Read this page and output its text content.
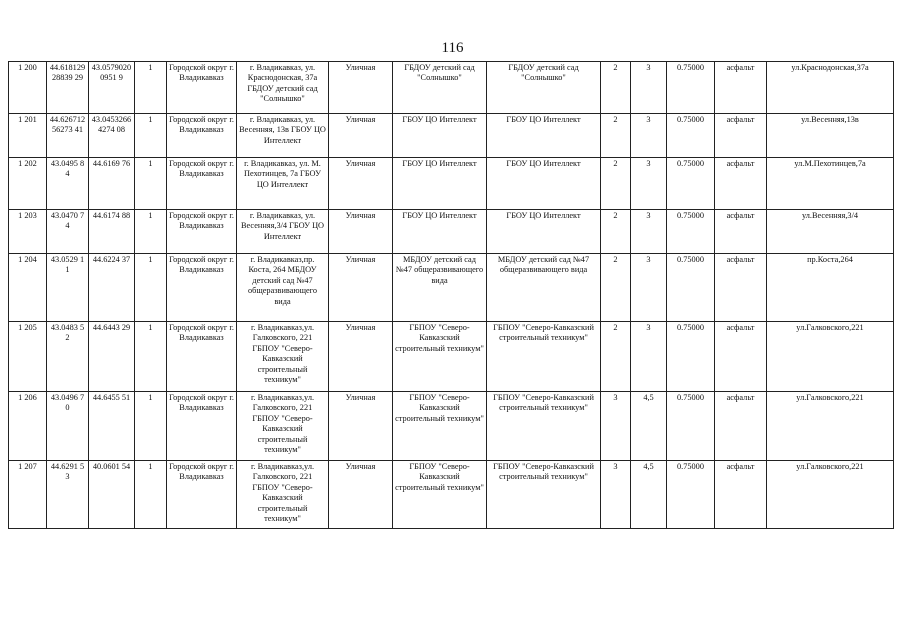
116
1 200	44.61812928839 29	43.05790200951 9	1	Городской округ г. Владикавказ	г. Владикавказ, ул. Краснодонская, 37а ГБДОУ детский сад "Солнышко"	Уличная	ГБДОУ детский сад "Солнышко"	ГБДОУ детский сад "Солнышко"	2	3	0.75000	асфальт	ул.Краснодонская,37а
1 201	44.62671256273 41	43.04532664274 08	1	Городской округ г. Владикавказ	г. Владикавказ, ул. Весенняя, 13в ГБОУ ЦО Интеллект	Уличная	ГБОУ ЦО Интеллект	ГБОУ ЦО Интеллект	2	3	0.75000	асфальт	ул.Весенняя,13в
1 202	43.0495 84	44.6169 76	1	Городской округ г. Владикавказ	г. Владикавказ, ул. М. Пехотинцев, 7а ГБОУ ЦО Интеллект	Уличная	ГБОУ ЦО Интеллект	ГБОУ ЦО Интеллект	2	3	0.75000	асфальт	ул.М.Пехотинцев,7а
1 203	43.0470 74	44.6174 88	1	Городской округ г. Владикавказ	г. Владикавказ, ул. Весенняя,3/4 ГБОУ ЦО Интеллект	Уличная	ГБОУ ЦО Интеллект	ГБОУ ЦО Интеллект	2	3	0.75000	асфальт	ул.Весенняя,3/4
1 204	43.0529 11	44.6224 37	1	Городской округ г. Владикавказ	г. Владикавказ,пр. Коста, 264 МБДОУ детский сад №47 общеразвивающего вида	Уличная	МБДОУ детский сад №47 общеразвивающего вида	МБДОУ детский сад №47 общеразвивающего вида	2	3	0.75000	асфальт	пр.Коста,264
1 205	43.0483 52	44.6443 29	1	Городской округ г. Владикавказ	г. Владикавказ,ул. Галковского, 221 ГБПОУ "Северо-Кавказский строительный техникум"	Уличная	ГБПОУ "Северо-Кавказский строительный техникум"	ГБПОУ "Северо-Кавказский строительный техникум"	2	3	0.75000	асфальт	ул.Галковского,221
1 206	43.0496 70	44.6455 51	1	Городской округ г. Владикавказ	г. Владикавказ,ул. Галковского, 221 ГБПОУ "Северо-Кавказский строительный техникум"	Уличная	ГБПОУ "Северо-Кавказский строительный техникум"	ГБПОУ "Северо-Кавказский строительный техникум"	3	4,5	0.75000	асфальт	ул.Галковского,221
1 207	44.6291 53	40.0601 54	1	Городской округ г. Владикавказ	г. Владикавказ,ул. Галковского, 221 ГБПОУ "Северо-Кавказский строительный техникум"	Уличная	ГБПОУ "Северо-Кавказский строительный техникум"	ГБПОУ "Северо-Кавказский строительный техникум"	3	4,5	0.75000	асфальт	ул.Галковского,221
